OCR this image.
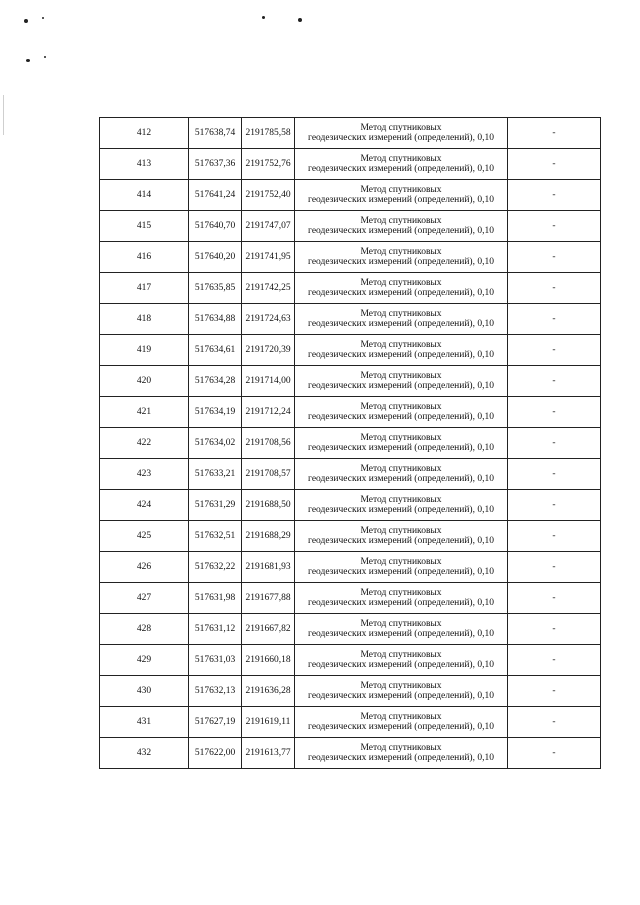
412	517638,74	2191785,58	Метод спутниковых
геодезических измерений (определений), 0,10	-
413	517637,36	2191752,76	Метод спутниковых
геодезических измерений (определений), 0,10	-
414	517641,24	2191752,40	Метод спутниковых
геодезических измерений (определений), 0,10	-
415	517640,70	2191747,07	Метод спутниковых
геодезических измерений (определений), 0,10	-
416	517640,20	2191741,95	Метод спутниковых
геодезических измерений (определений), 0,10	-
417	517635,85	2191742,25	Метод спутниковых
геодезических измерений (определений), 0,10	-
418	517634,88	2191724,63	Метод спутниковых
геодезических измерений (определений), 0,10	-
419	517634,61	2191720,39	Метод спутниковых
геодезических измерений (определений), 0,10	-
420	517634,28	2191714,00	Метод спутниковых
геодезических измерений (определений), 0,10	-
421	517634,19	2191712,24	Метод спутниковых
геодезических измерений (определений), 0,10	-
422	517634,02	2191708,56	Метод спутниковых
геодезических измерений (определений), 0,10	-
423	517633,21	2191708,57	Метод спутниковых
геодезических измерений (определений), 0,10	-
424	517631,29	2191688,50	Метод спутниковых
геодезических измерений (определений), 0,10	-
425	517632,51	2191688,29	Метод спутниковых
геодезических измерений (определений), 0,10	-
426	517632,22	2191681,93	Метод спутниковых
геодезических измерений (определений), 0,10	-
427	517631,98	2191677,88	Метод спутниковых
геодезических измерений (определений), 0,10	-
428	517631,12	2191667,82	Метод спутниковых
геодезических измерений (определений), 0,10	-
429	517631,03	2191660,18	Метод спутниковых
геодезических измерений (определений), 0,10	-
430	517632,13	2191636,28	Метод спутниковых
геодезических измерений (определений), 0,10	-
431	517627,19	2191619,11	Метод спутниковых
геодезических измерений (определений), 0,10	-
432	517622,00	2191613,77	Метод спутниковых
геодезических измерений (определений), 0,10	-
